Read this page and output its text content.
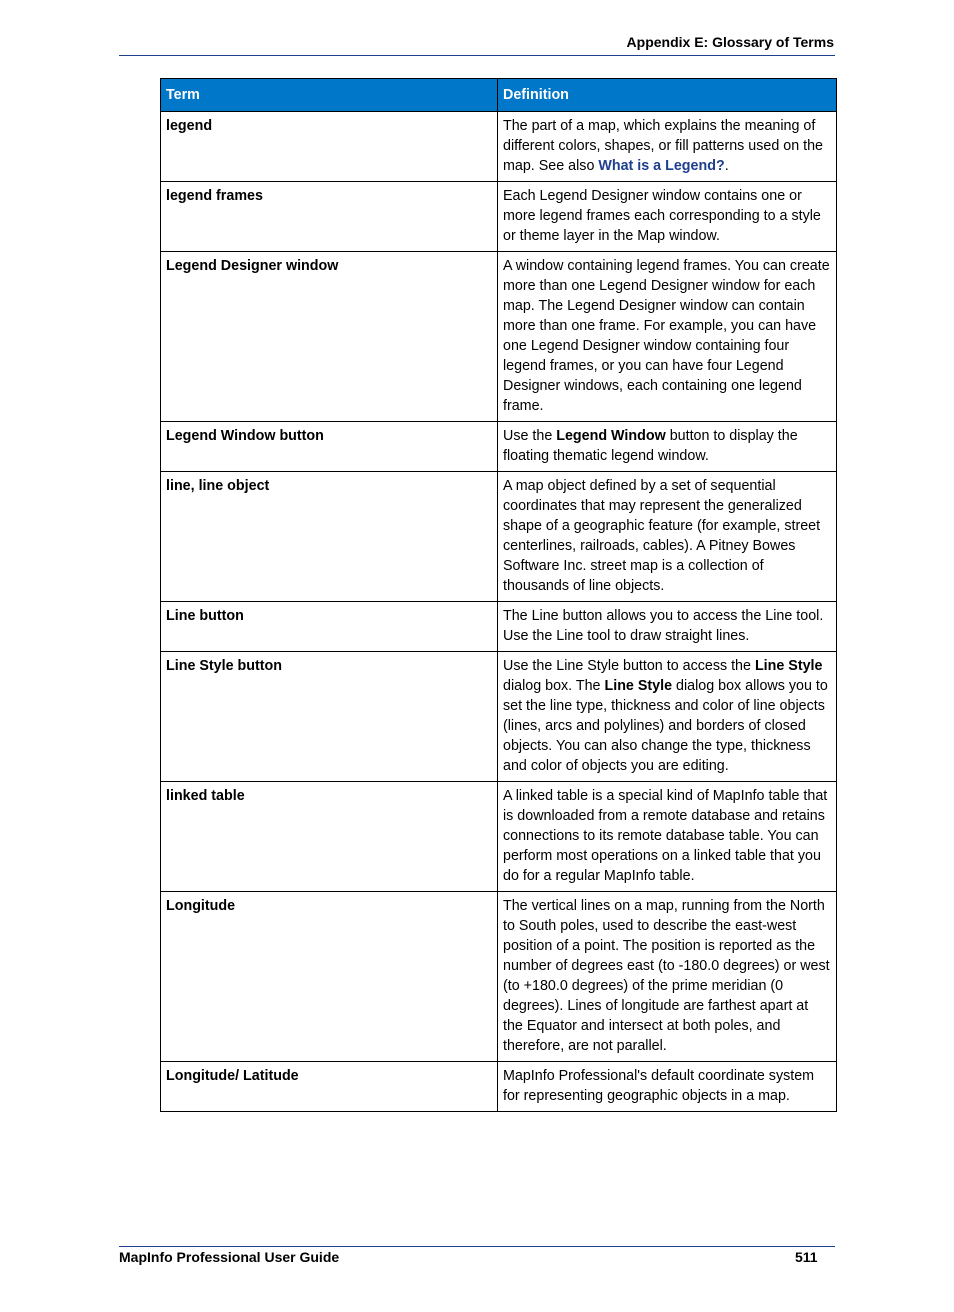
Appendix E: Glossary of Terms
Term	Definition
legend	The part of a map, which explains the meaning of different colors, shapes, or fill patterns used on the map. See also What is a Legend?.
legend frames	Each Legend Designer window contains one or more legend frames each corresponding to a style or theme layer in the Map window.
Legend Designer window	A window containing legend frames. You can create more than one Legend Designer window for each map. The Legend Designer window can contain more than one frame. For example, you can have one Legend Designer window containing four legend frames, or you can have four Legend Designer windows, each containing one legend frame.
Legend Window button	Use the Legend Window button to display the floating thematic legend window.
line, line object	A map object defined by a set of sequential coordinates that may represent the generalized shape of a geographic feature (for example, street centerlines, railroads, cables). A Pitney Bowes Software Inc. street map is a collection of thousands of line objects.
Line button	The Line button allows you to access the Line tool. Use the Line tool to draw straight lines.
Line Style button	Use the Line Style button to access the Line Style dialog box. The Line Style dialog box allows you to set the line type, thickness and color of line objects (lines, arcs and polylines) and borders of closed objects. You can also change the type, thickness and color of objects you are editing.
linked table	A linked table is a special kind of MapInfo table that is downloaded from a remote database and retains connections to its remote database table. You can perform most operations on a linked table that you do for a regular MapInfo table.
Longitude	The vertical lines on a map, running from the North to South poles, used to describe the east-west position of a point. The position is reported as the number of degrees east (to -180.0 degrees) or west (to +180.0 degrees) of the prime meridian (0 degrees). Lines of longitude are farthest apart at the Equator and intersect at both poles, and therefore, are not parallel.
Longitude/ Latitude	MapInfo Professional's default coordinate system for representing geographic objects in a map.
MapInfo Professional User Guide	511
